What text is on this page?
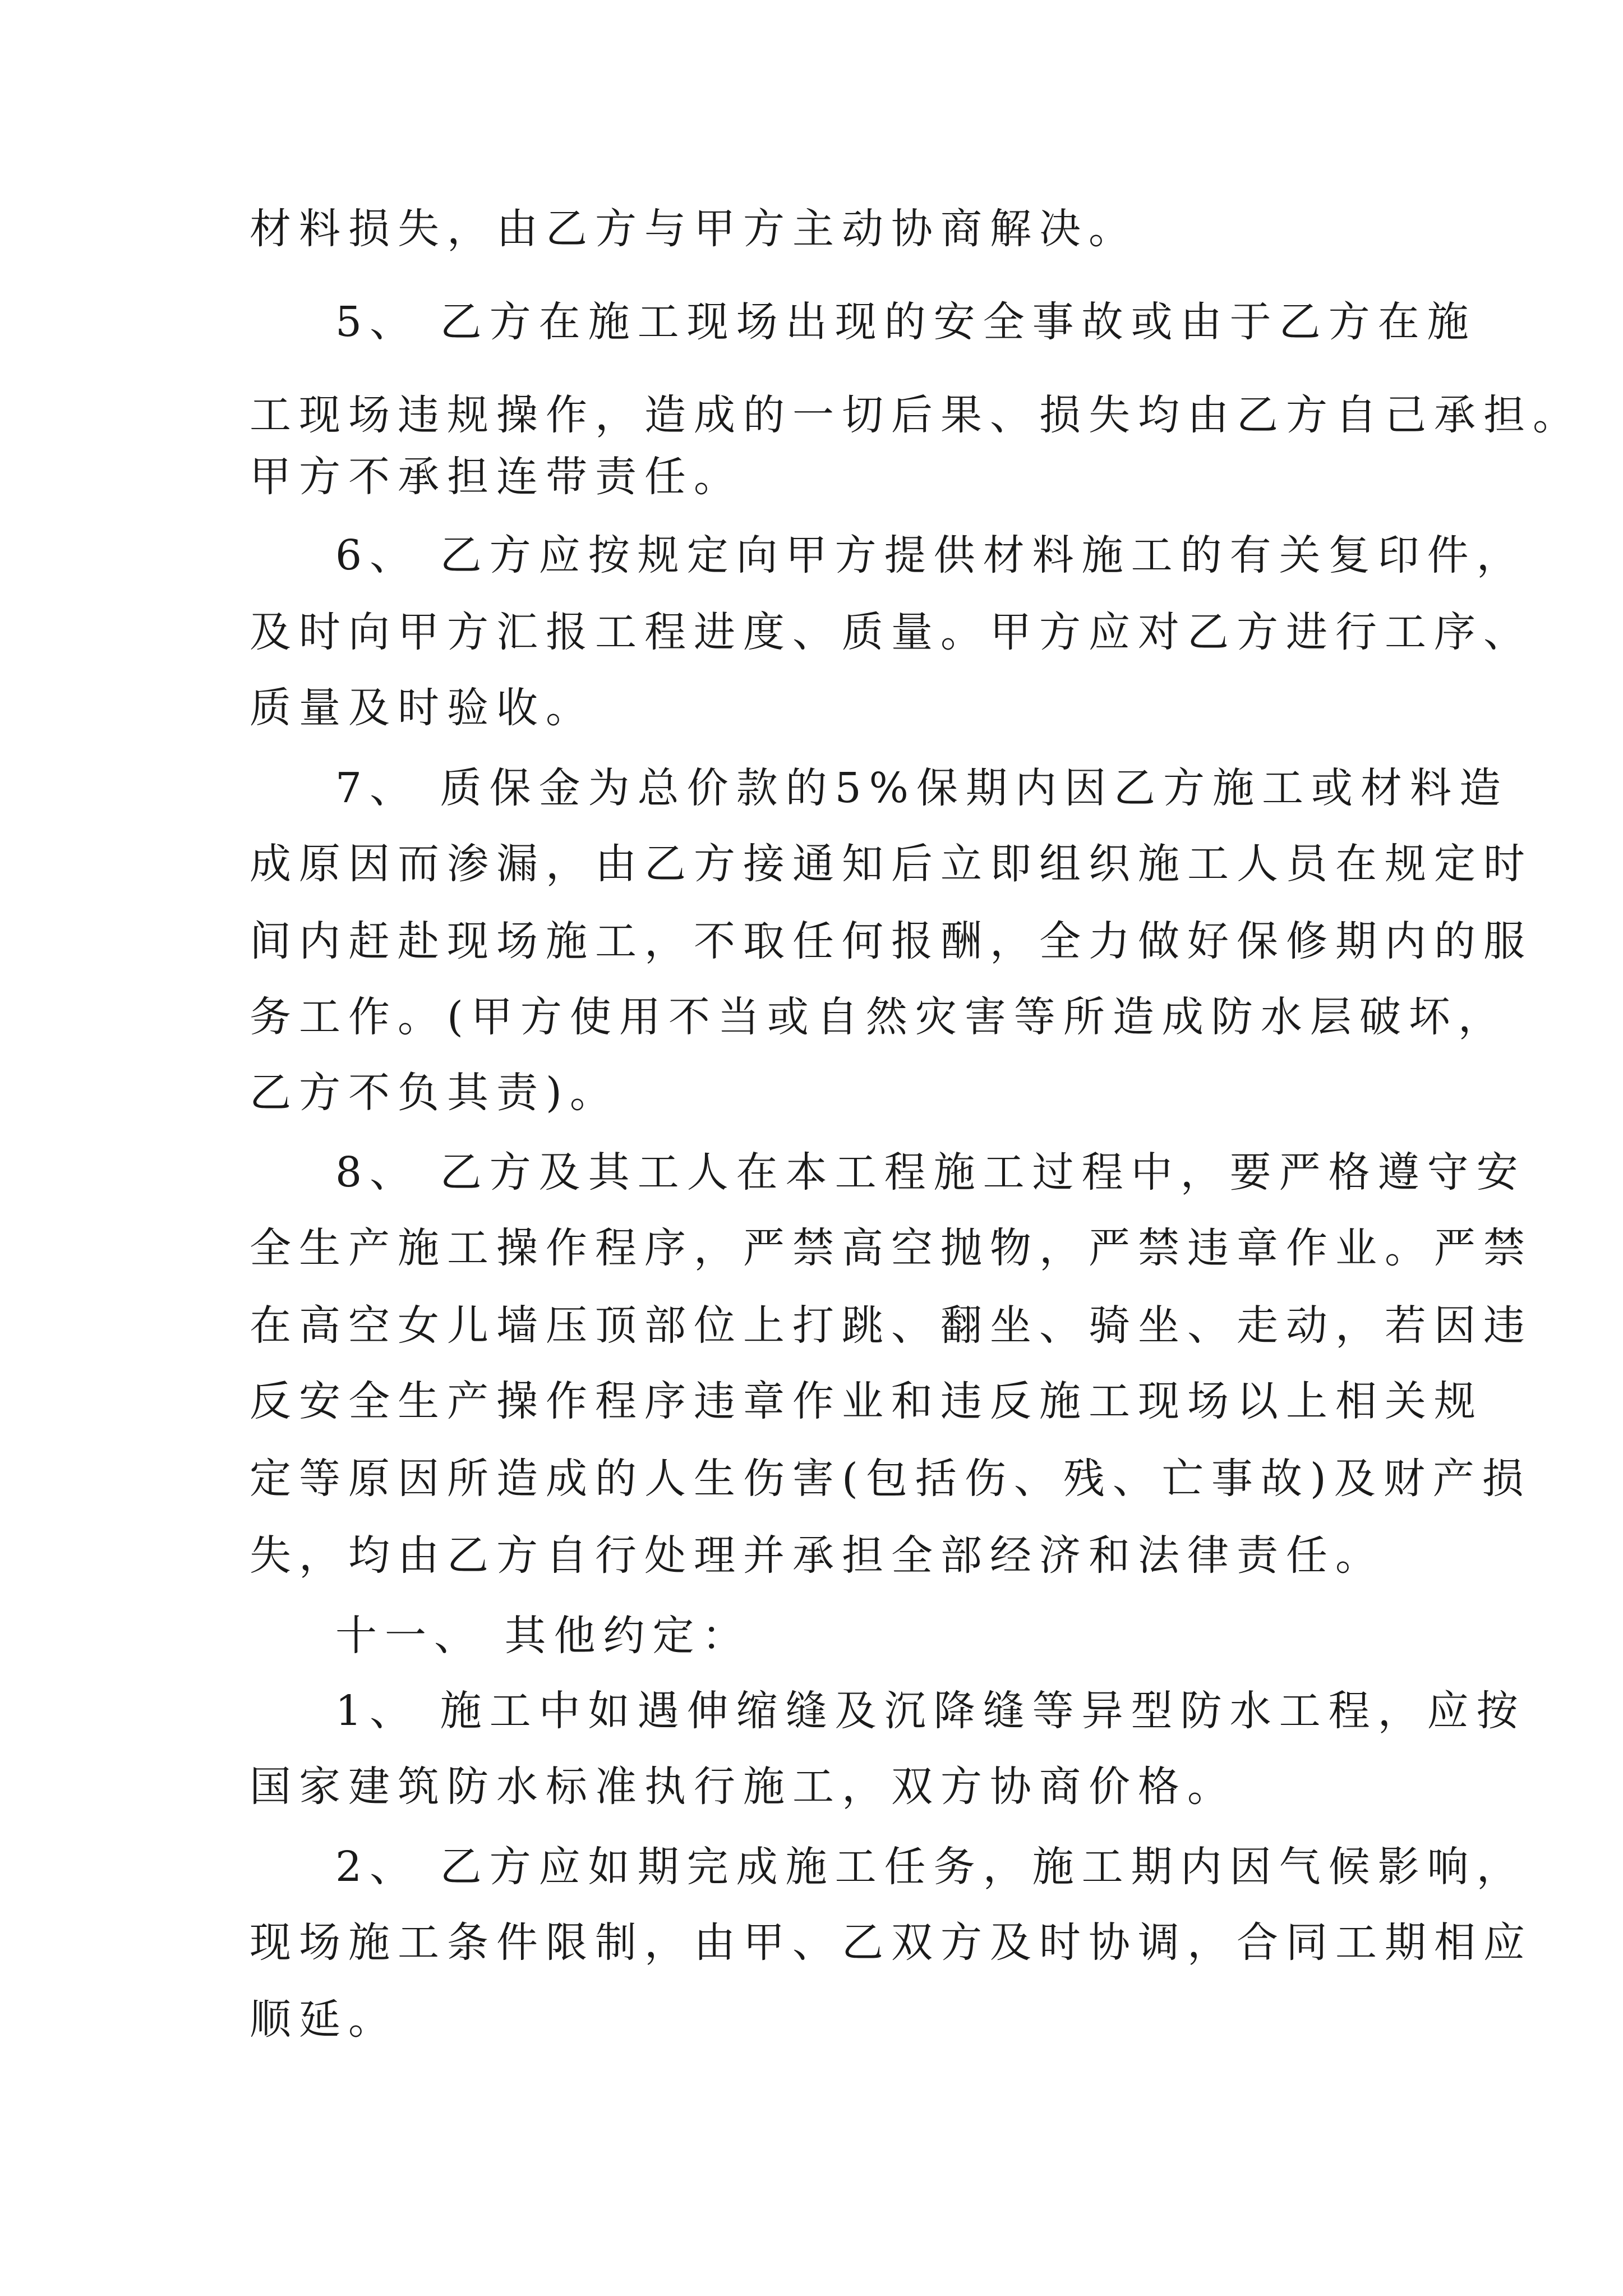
材料损失，由乙方与甲方主动协商解决。
5、 乙方在施工现场出现的安全事故或由于乙方在施
工现场违规操作，造成的一切后果、损失均由乙方自己承担。
甲方不承担连带责任。
6、 乙方应按规定向甲方提供材料施工的有关复印件，
及时向甲方汇报工程进度、质量。甲方应对乙方进行工序、
质量及时验收。
7、 质保金为总价款的5%保期内因乙方施工或材料造
成原因而渗漏，由乙方接通知后立即组织施工人员在规定时
间内赶赴现场施工，不取任何报酬，全力做好保修期内的服
务工作。(甲方使用不当或自然灾害等所造成防水层破坏，
乙方不负其责)。
8、 乙方及其工人在本工程施工过程中，要严格遵守安
全生产施工操作程序，严禁高空抛物，严禁违章作业。严禁
在高空女儿墙压顶部位上打跳、翻坐、骑坐、走动，若因违
反安全生产操作程序违章作业和违反施工现场以上相关规
定等原因所造成的人生伤害(包括伤、残、亡事故)及财产损
失，均由乙方自行处理并承担全部经济和法律责任。
十一、 其他约定：
1、 施工中如遇伸缩缝及沉降缝等异型防水工程，应按
国家建筑防水标准执行施工，双方协商价格。
2、 乙方应如期完成施工任务，施工期内因气候影响，
现场施工条件限制，由甲、乙双方及时协调，合同工期相应
顺延。
